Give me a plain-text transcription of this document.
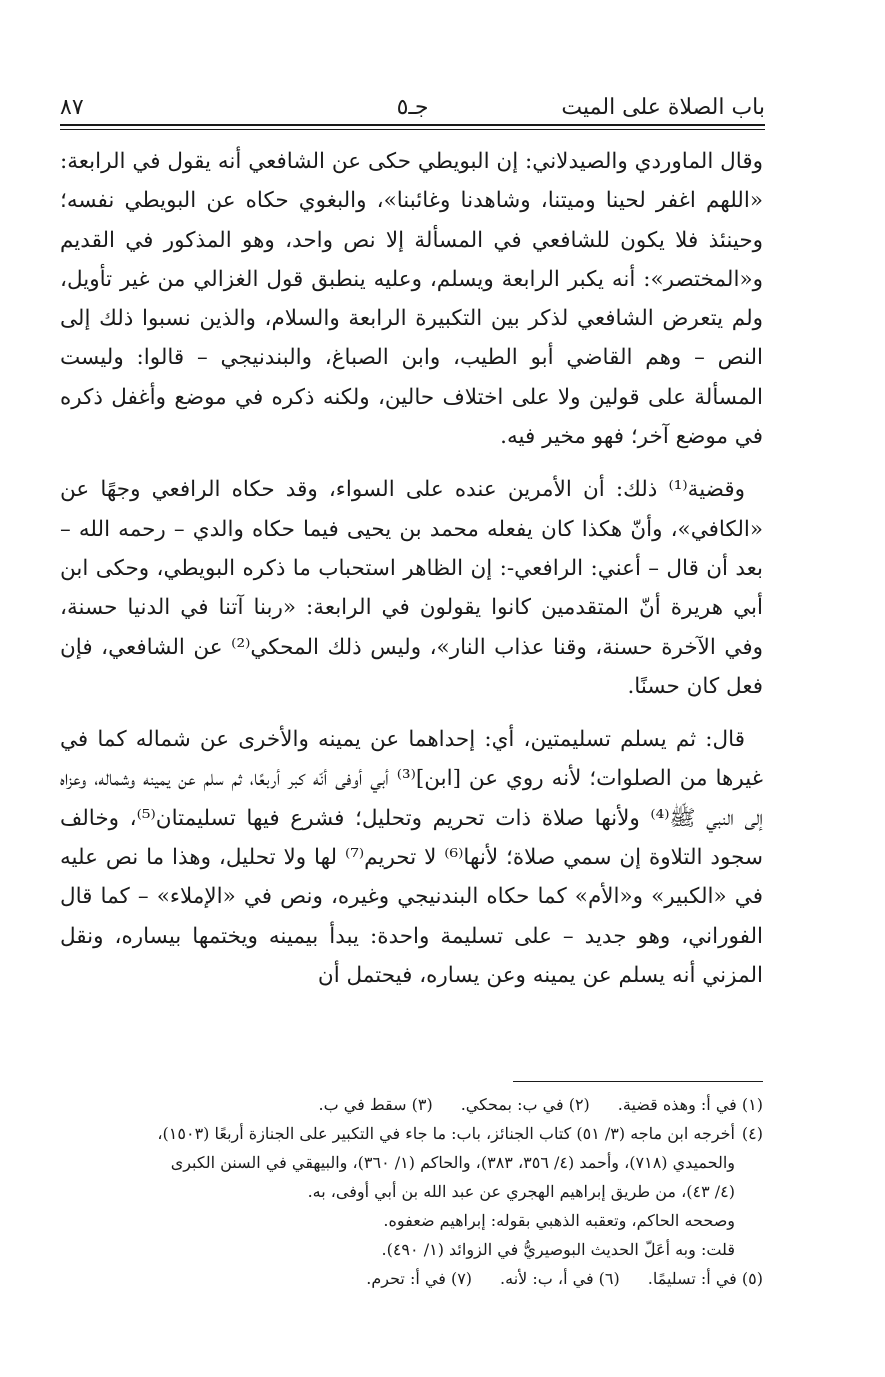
باب الصلاة على الميت
جـ٥
٨٧

وقال الماوردي والصيدلاني: إن البويطي حكى عن الشافعي أنه يقول في الرابعة: «اللهم اغفر لحينا وميتنا، وشاهدنا وغائبنا»، والبغوي حكاه عن البويطي نفسه؛ وحينئذ فلا يكون للشافعي في المسألة إلا نص واحد، وهو المذكور في القديم و«المختصر»: أنه يكبر الرابعة ويسلم، وعليه ينطبق قول الغزالي من غير تأويل، ولم يتعرض الشافعي لذكر بين التكبيرة الرابعة والسلام، والذين نسبوا ذلك إلى النص – وهم القاضي أبو الطيب، وابن الصباغ، والبندنيجي – قالوا: وليست المسألة على قولين ولا على اختلاف حالين، ولكنه ذكره في موضع وأغفل ذكره في موضع آخر؛ فهو مخير فيه.

وقضية⁽¹⁾ ذلك: أن الأمرين عنده على السواء، وقد حكاه الرافعي وجهًا عن «الكافي»، وأنّ هكذا كان يفعله محمد بن يحيى فيما حكاه والدي – رحمه الله – بعد أن قال – أعني: الرافعي-: إن الظاهر استحباب ما ذكره البويطي، وحكى ابن أبي هريرة أنّ المتقدمين كانوا يقولون في الرابعة: «ربنا آتنا في الدنيا حسنة، وفي الآخرة حسنة، وقنا عذاب النار»، وليس ذلك المحكي⁽²⁾ عن الشافعي، فإن فعل كان حسنًا.

قال: ثم يسلم تسليمتين، أي: إحداهما عن يمينه والأخرى عن شماله كما في غيرها من الصلوات؛ لأنه روي عن [ابن]⁽³⁾ أبي أوفى أنّه كبر أربعًا، ثم سلم عن يمينه وشماله، وعزاه إلى النبي ﷺ⁽⁴⁾ ولأنها صلاة ذات تحريم وتحليل؛ فشرع فيها تسليمتان⁽⁵⁾، وخالف سجود التلاوة إن سمي صلاة؛ لأنها⁽⁶⁾ لا تحريم⁽⁷⁾ لها ولا تحليل، وهذا ما نص عليه في «الكبير» و«الأم» كما حكاه البندنيجي وغيره، ونص في «الإملاء» – كما قال الفوراني، وهو جديد – على تسليمة واحدة: يبدأ بيمينه ويختمها بيساره، ونقل المزني أنه يسلم عن يمينه وعن يساره، فيحتمل أن

(١) في أ: وهذه قضية.
(٢) في ب: بمحكي.
(٣) سقط في ب.
(٤)
أخرجه ابن ماجه (٣/ ٥١) كتاب الجنائز، باب: ما جاء في التكبير على الجنازة أربعًا (١٥٠٣)،
والحميدي (٧١٨)، وأحمد (٤/ ٣٥٦، ٣٨٣)، والحاكم (١/ ٣٦٠)، والبيهقي في السنن الكبرى
(٤/ ٤٣)، من طريق إبراهيم الهجري عن عبد الله بن أبي أوفى، به.
وصححه الحاكم، وتعقبه الذهبي بقوله: إبراهيم ضعفوه.
قلت: وبه أعَلّ الحديث البوصيريُّ في الزوائد (١/ ٤٩٠).
(٥) في أ: تسليمًا.
(٦) في أ، ب: لأنه.
(٧) في أ: تحرم.
